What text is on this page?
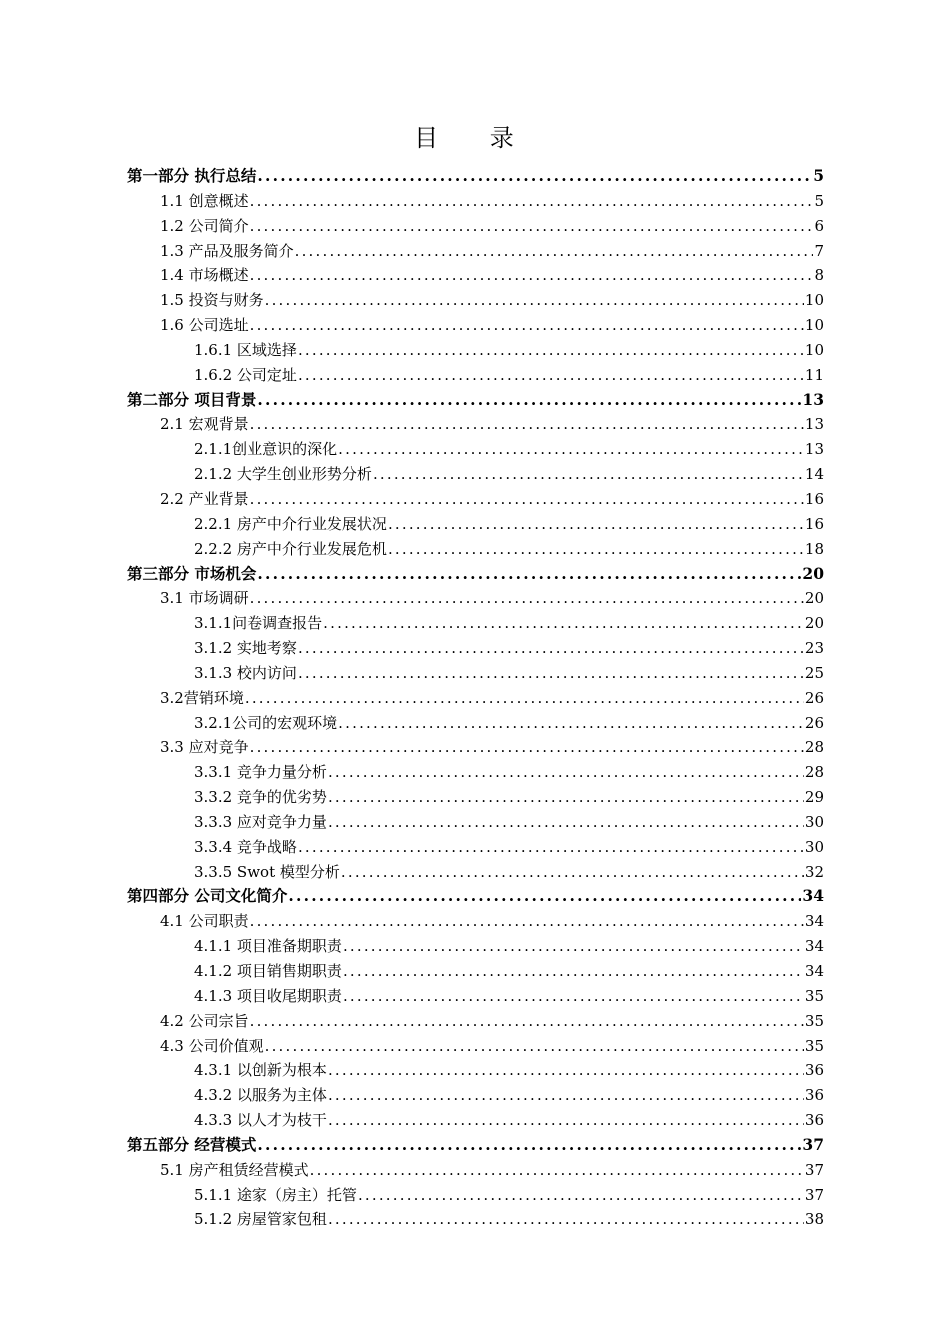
目 录
第一部分 执行总结 .....	5
1.1 创意概述 .....	5
1.2 公司简介 .....	6
1.3 产品及服务简介 .....	7
1.4 市场概述 .....	8
1.5 投资与财务 .....	10
1.6 公司选址 .....	10
1.6.1 区域选择 .....	10
1.6.2 公司定址 .....	11
第二部分 项目背景 .....	13
2.1 宏观背景 .....	13
2.1.1创业意识的深化 .....	13
2.1.2 大学生创业形势分析 .....	14
2.2 产业背景 .....	16
2.2.1 房产中介行业发展状况 .....	16
2.2.2 房产中介行业发展危机 .....	18
第三部分 市场机会 .....	20
3.1 市场调研 .....	20
3.1.1问卷调查报告 .....	20
3.1.2 实地考察 .....	23
3.1.3 校内访问 .....	25
3.2营销环境 .....	26
3.2.1公司的宏观环境 .....	26
3.3 应对竞争 .....	28
3.3.1 竞争力量分析 .....	28
3.3.2 竞争的优劣势 .....	29
3.3.3 应对竞争力量 .....	30
3.3.4 竞争战略 .....	30
3.3.5 Swot 模型分析 .....	32
第四部分 公司文化简介 .....	34
4.1 公司职责 .....	34
4.1.1 项目准备期职责 .....	34
4.1.2 项目销售期职责 .....	34
4.1.3 项目收尾期职责 .....	35
4.2 公司宗旨 .....	35
4.3 公司价值观 .....	35
4.3.1 以创新为根本 .....	36
4.3.2 以服务为主体 .....	36
4.3.3 以人才为枝干 .....	36
第五部分 经营模式 .....	37
5.1 房产租赁经营模式 .....	37
5.1.1 途家（房主）托管 .....	37
5.1.2 房屋管家包租 .....	38
